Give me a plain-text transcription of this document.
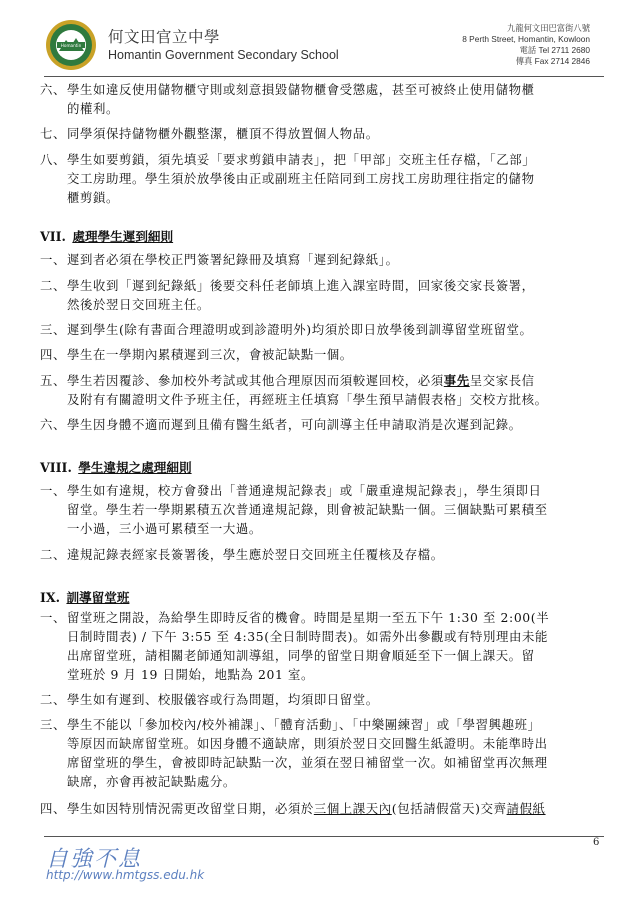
Homantin 何文田官立中學
Homantin Government Secondary School
九龍何文田巴富街八號
8 Perth Street, Homantin, Kowloon
電話 Tel 2711 2680
傳真 Fax 2714 2846
六、 學生如違反使用儲物櫃守則或刻意損毀儲物櫃會受懲處，甚至可被終止使用儲物櫃
的權利。
七、 同學須保持儲物櫃外觀整潔，櫃頂不得放置個人物品。
八、 學生如要剪鎖，須先填妥「要求剪鎖申請表」，把「甲部」交班主任存檔，「乙部」
交工房助理。學生須於放學後由正或副班主任陪同到工房找工房助理往指定的儲物
櫃剪鎖。
VII. 處理學生遲到細則
一、 遲到者必須在學校正門簽署紀錄冊及填寫「遲到紀錄紙」。
二、 學生收到「遲到紀錄紙」後要交科任老師填上進入課室時間，回家後交家長簽署，
然後於翌日交回班主任。
三、 遲到學生(除有書面合理證明或到診證明外)均須於即日放學後到訓導留堂班留堂。
四、 學生在一學期內累積遲到三次，會被記缺點一個。
五、 學生若因覆診、參加校外考試或其他合理原因而須較遲回校，必須事先呈交家長信
及附有有關證明文件予班主任，再經班主任填寫「學生預早請假表格」交校方批核。
六、 學生因身體不適而遲到且備有醫生紙者，可向訓導主任申請取消是次遲到記錄。
VIII. 學生違規之處理細則
一、 學生如有違規，校方會發出「普通違規記錄表」或「嚴重違規記錄表」，學生須即日
留堂。學生若一學期累積五次普通違規記錄，則會被記缺點一個。三個缺點可累積至
一小過，三小過可累積至一大過。
二、 違規記錄表經家長簽署後，學生應於翌日交回班主任覆核及存檔。
IX. 訓導留堂班
一、 留堂班之開設，為給學生即時反省的機會。時間是星期一至五下午 1:30 至 2:00(半
日制時間表) / 下午 3:55 至 4:35(全日制時間表)。如需外出參觀或有特別理由未能
出席留堂班，請相關老師通知訓導組，同學的留堂日期會順延至下一個上課天。留
堂班於 9 月 19 日開始，地點為 201 室。
二、 學生如有遲到、校服儀容或行為問題，均須即日留堂。
三、 學生不能以「參加校內/校外補課」、「體育活動」、「中樂團練習」或「學習興趣班」
等原因而缺席留堂班。如因身體不適缺席，則須於翌日交回醫生紙證明。未能準時出
席留堂班的學生，會被即時記缺點一次，並須在翌日補留堂一次。如補留堂再次無理
缺席，亦會再被記缺點處分。
四、 學生如因特別情況需更改留堂日期，必須於三個上課天內(包括請假當天)交齊請假紙
自強不息
http://www.hmtgss.edu.hk
6
